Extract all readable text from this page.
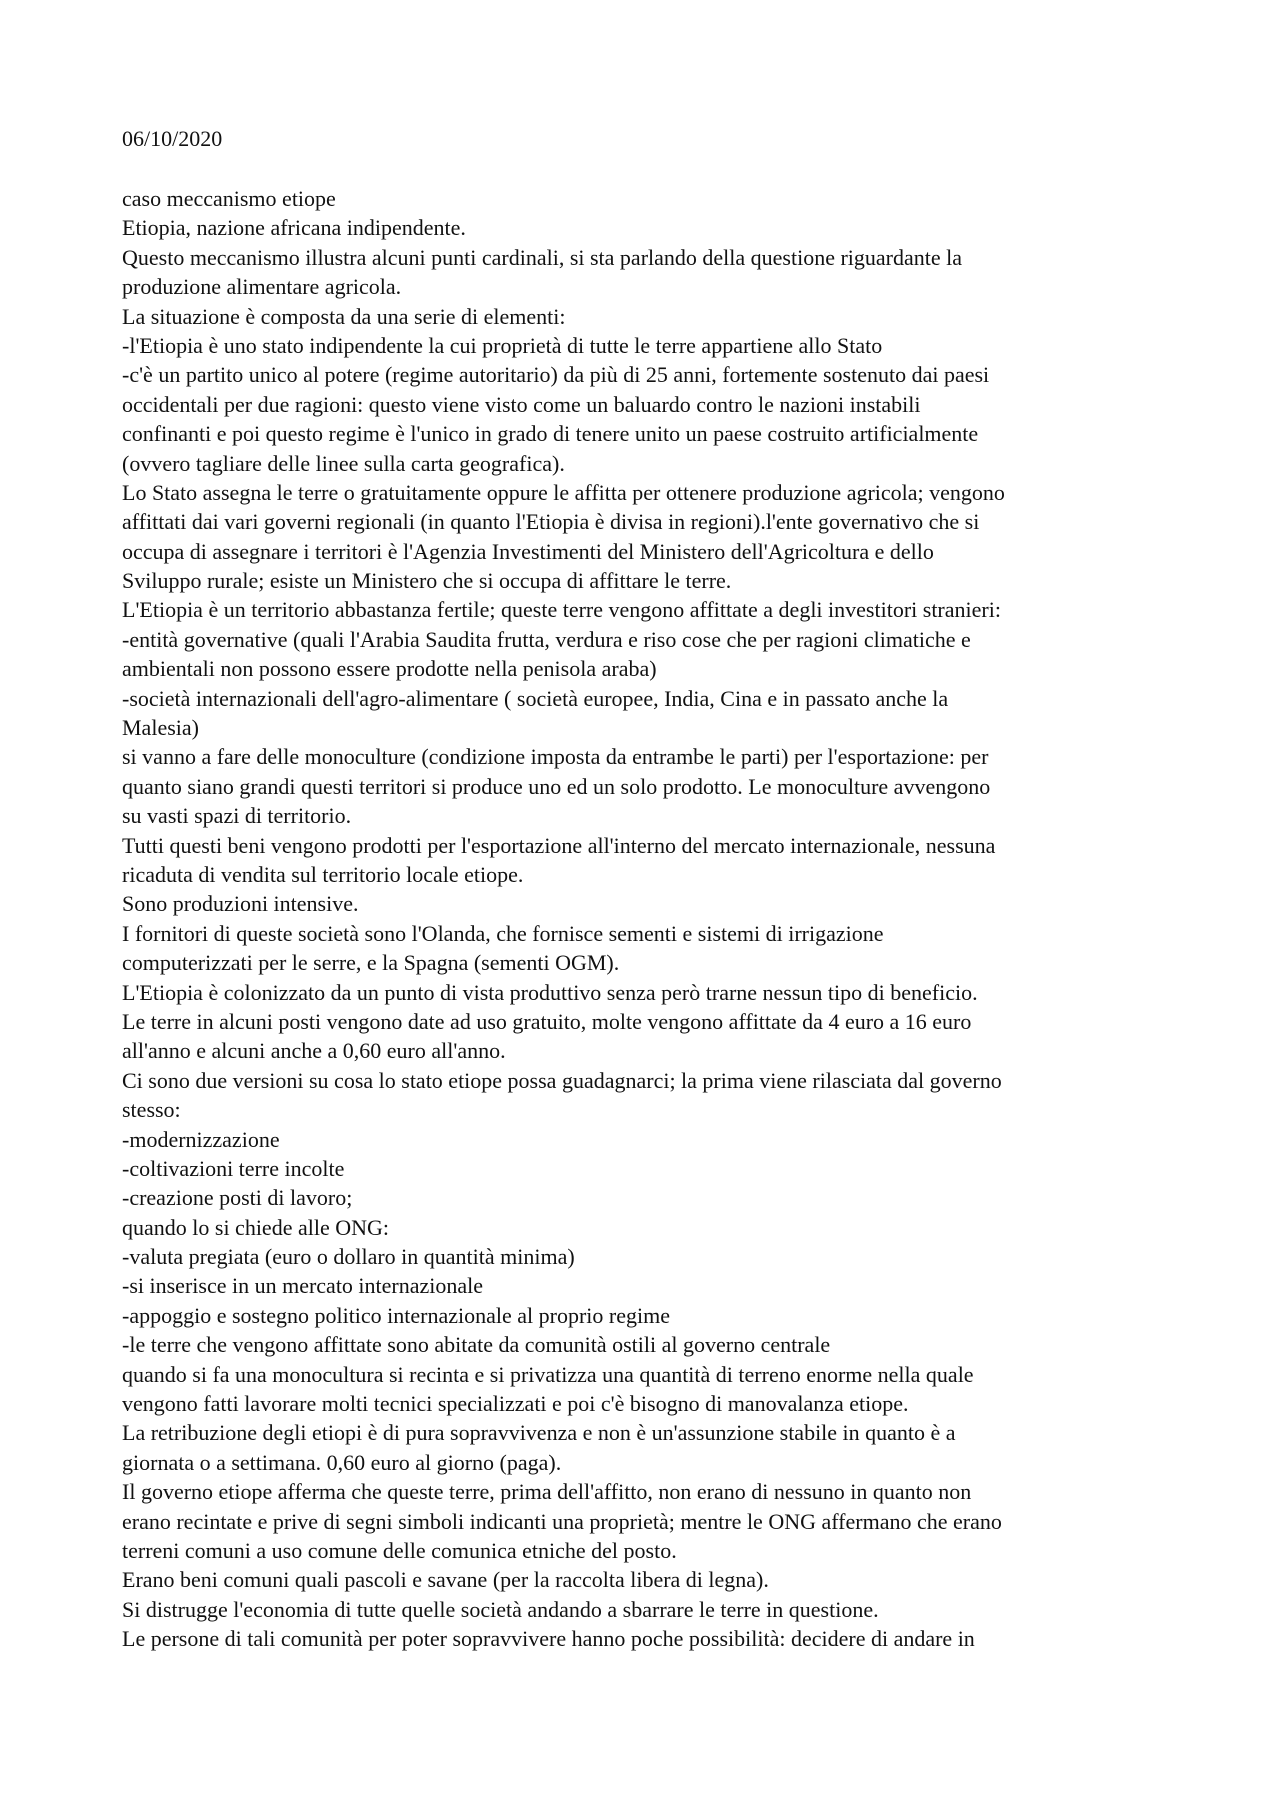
06/10/2020
caso meccanismo etiope
Etiopia, nazione africana indipendente.
Questo meccanismo illustra alcuni punti cardinali, si sta parlando della questione riguardante la
produzione alimentare agricola.
La situazione è composta da una serie di elementi:
-l'Etiopia è uno stato indipendente la cui proprietà di tutte le terre appartiene allo Stato
-c'è un partito unico al potere (regime autoritario) da più di 25 anni, fortemente sostenuto dai paesi
occidentali per due ragioni: questo viene visto come un baluardo contro le nazioni instabili
confinanti e poi questo regime è l'unico in grado di tenere unito un paese costruito artificialmente
(ovvero tagliare delle linee sulla carta geografica).
Lo Stato assegna le terre o gratuitamente oppure le affitta per ottenere produzione agricola; vengono
affittati dai vari governi regionali (in quanto l'Etiopia è divisa in regioni).l'ente governativo che si
occupa di assegnare i territori è l'Agenzia Investimenti del Ministero dell'Agricoltura e dello
Sviluppo rurale; esiste un Ministero che si occupa di affittare le terre.
L'Etiopia è un territorio abbastanza fertile; queste terre vengono affittate a degli investitori stranieri:
-entità governative (quali l'Arabia Saudita frutta, verdura e riso cose che per ragioni climatiche e
ambientali non possono essere prodotte nella penisola araba)
-società internazionali dell'agro-alimentare ( società europee, India, Cina e in passato anche la
Malesia)
si vanno a fare delle monoculture (condizione imposta da entrambe le parti) per l'esportazione: per
quanto siano grandi questi territori si produce uno ed un solo prodotto. Le monoculture avvengono
su vasti spazi di territorio.
Tutti questi beni vengono prodotti per l'esportazione all'interno del mercato internazionale, nessuna
ricaduta di vendita sul territorio locale etiope.
Sono produzioni intensive.
I fornitori di queste società sono l'Olanda, che fornisce sementi e sistemi di irrigazione
computerizzati per le serre, e la Spagna (sementi OGM).
L'Etiopia è colonizzato da un punto di vista produttivo senza però trarne nessun tipo di beneficio.
Le terre in alcuni posti vengono date ad uso gratuito, molte vengono affittate da 4 euro a 16 euro
all'anno e alcuni anche a 0,60 euro all'anno.
Ci sono due versioni su cosa lo stato etiope possa guadagnarci; la prima viene rilasciata dal governo
stesso:
-modernizzazione
-coltivazioni terre incolte
-creazione posti di lavoro;
quando lo si chiede alle ONG:
-valuta pregiata (euro o dollaro in quantità minima)
-si inserisce in un mercato internazionale
-appoggio e sostegno politico internazionale al proprio regime
-le terre che vengono affittate sono abitate da comunità ostili al governo centrale
quando si fa una monocultura si recinta e si privatizza una quantità di terreno enorme nella quale
vengono fatti lavorare molti tecnici specializzati e poi c'è bisogno di manovalanza etiope.
La retribuzione degli etiopi è di pura sopravvivenza e non è un'assunzione stabile in quanto è a
giornata o a settimana. 0,60 euro al giorno (paga).
Il governo etiope afferma che queste terre, prima dell'affitto, non erano di nessuno in quanto non
erano recintate e prive di segni simboli indicanti una proprietà; mentre le ONG affermano che erano
terreni comuni a uso comune delle comunica etniche del posto.
Erano beni comuni quali pascoli e savane (per la raccolta libera di legna).
Si distrugge l'economia di tutte quelle società andando a sbarrare le terre in questione.
Le persone di tali comunità per poter sopravvivere hanno poche possibilità: decidere di andare in
